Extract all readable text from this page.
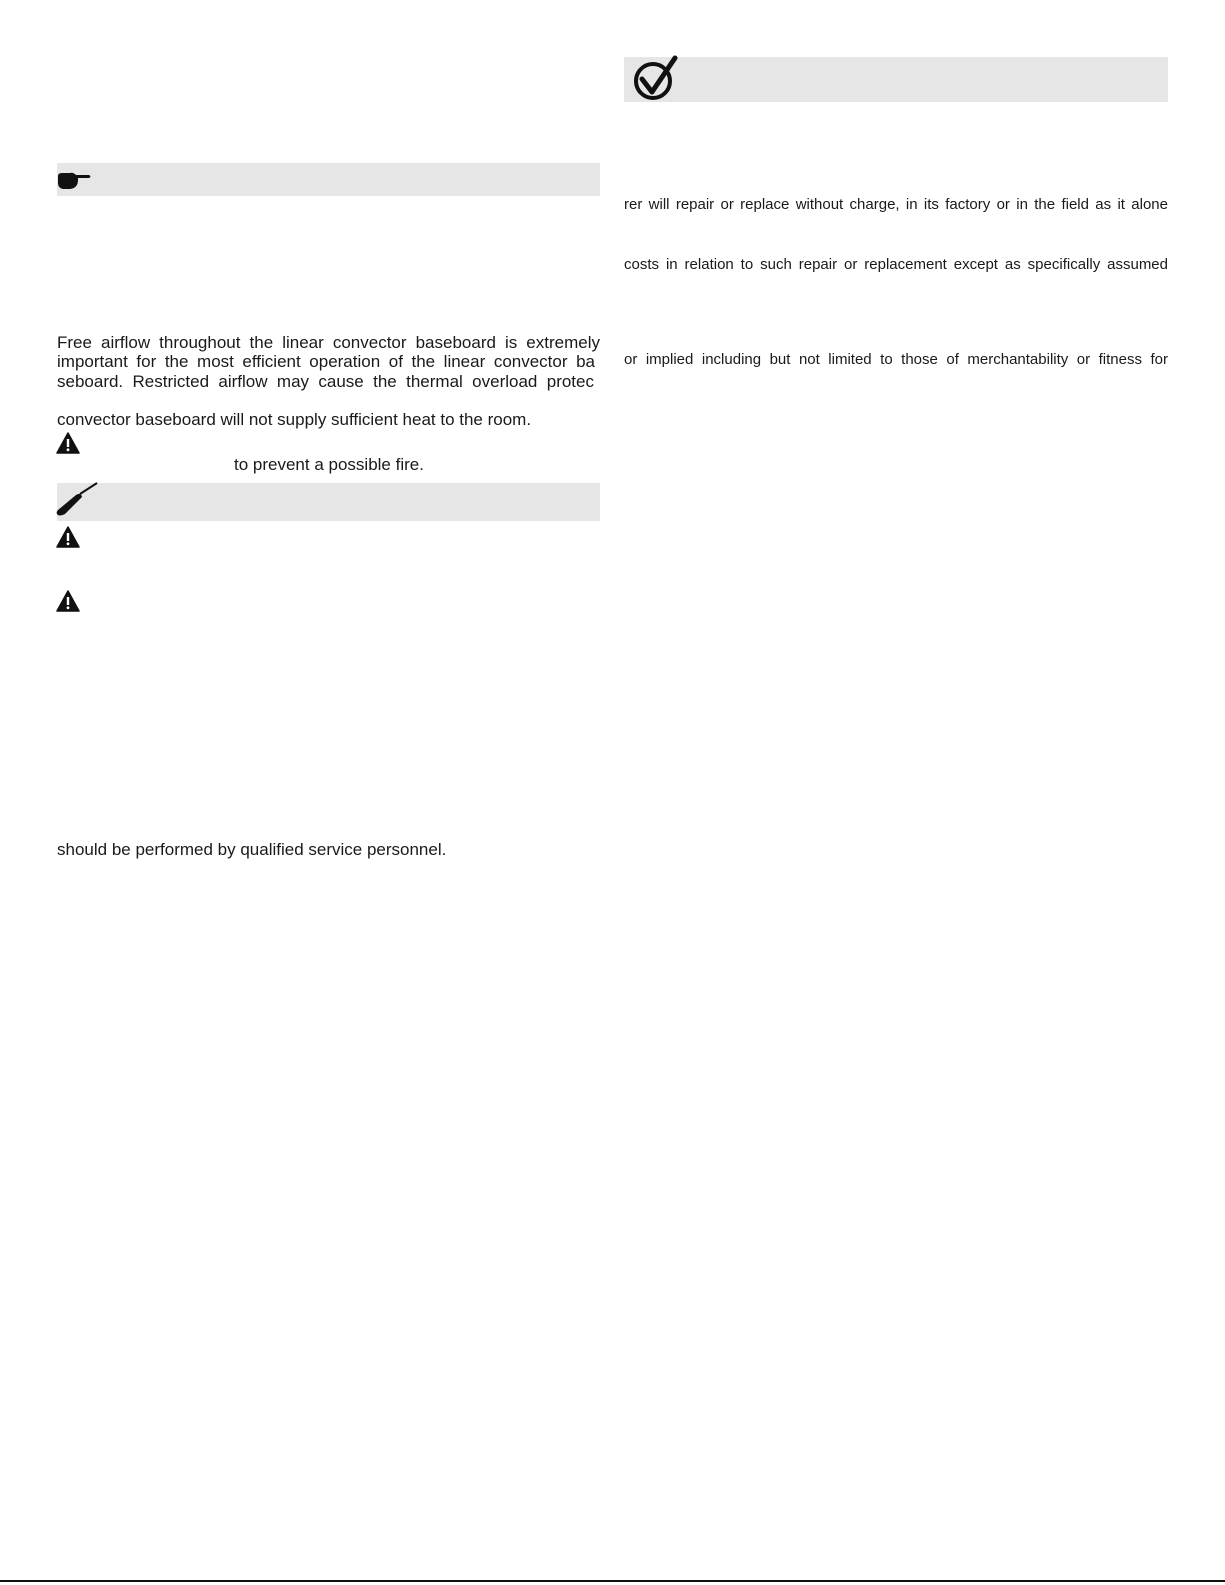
Free airflow throughout the linear convector baseboard is extremely
important for the most efficient operation of the linear convector ba
seboard. Restricted airflow may cause the thermal overload protec
convector baseboard will not supply sufficient heat to the room.
to prevent a possible fire.
should be performed by qualified service personnel.
rer will repair or replace without charge, in its factory or in the field as it alone
costs in relation to such repair or replacement except as specifically assumed
or implied including but not limited to those of merchantability or fitness for
